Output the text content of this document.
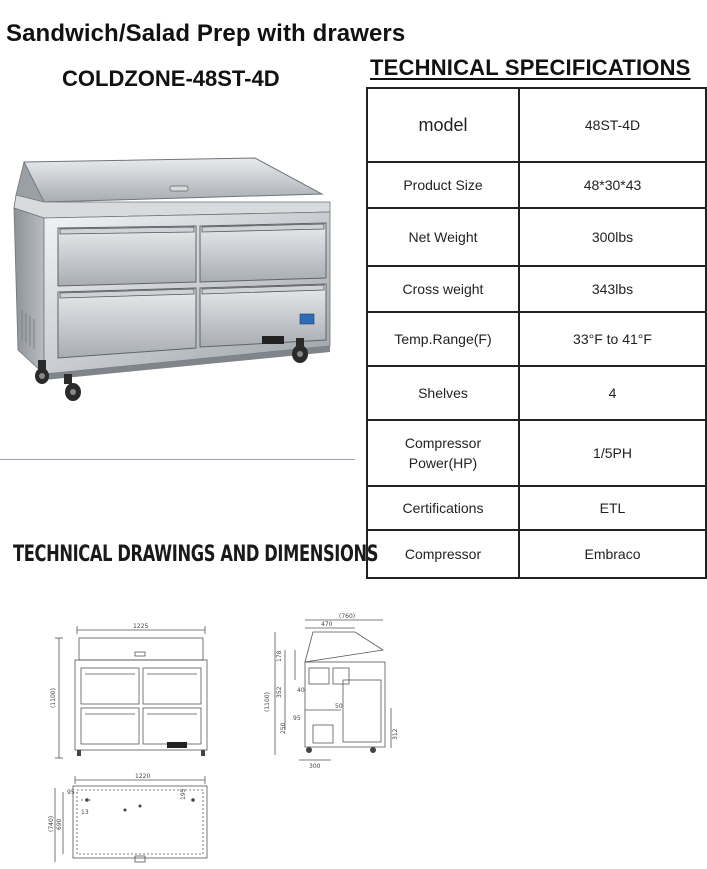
Sandwich/Salad Prep with drawers
COLDZONE-48ST-4D	TECHNICAL SPECIFICATIONS
model	48ST-4D
Product Size	48*30*43
Net Weight	300lbs
Cross weight	343lbs
Temp.Range(F)	33°F to 41°F
Shelves	4
Compressor Power(HP)	1/5PH
Certifications	ETL
Compressor	Embraco
TECHNICAL DRAWINGS AND DIMENSIONS
1225
(1100)
(760)
470
(1100) 352
178
40
50
95
250
300
312
1220
(740) 690
95
13
195
